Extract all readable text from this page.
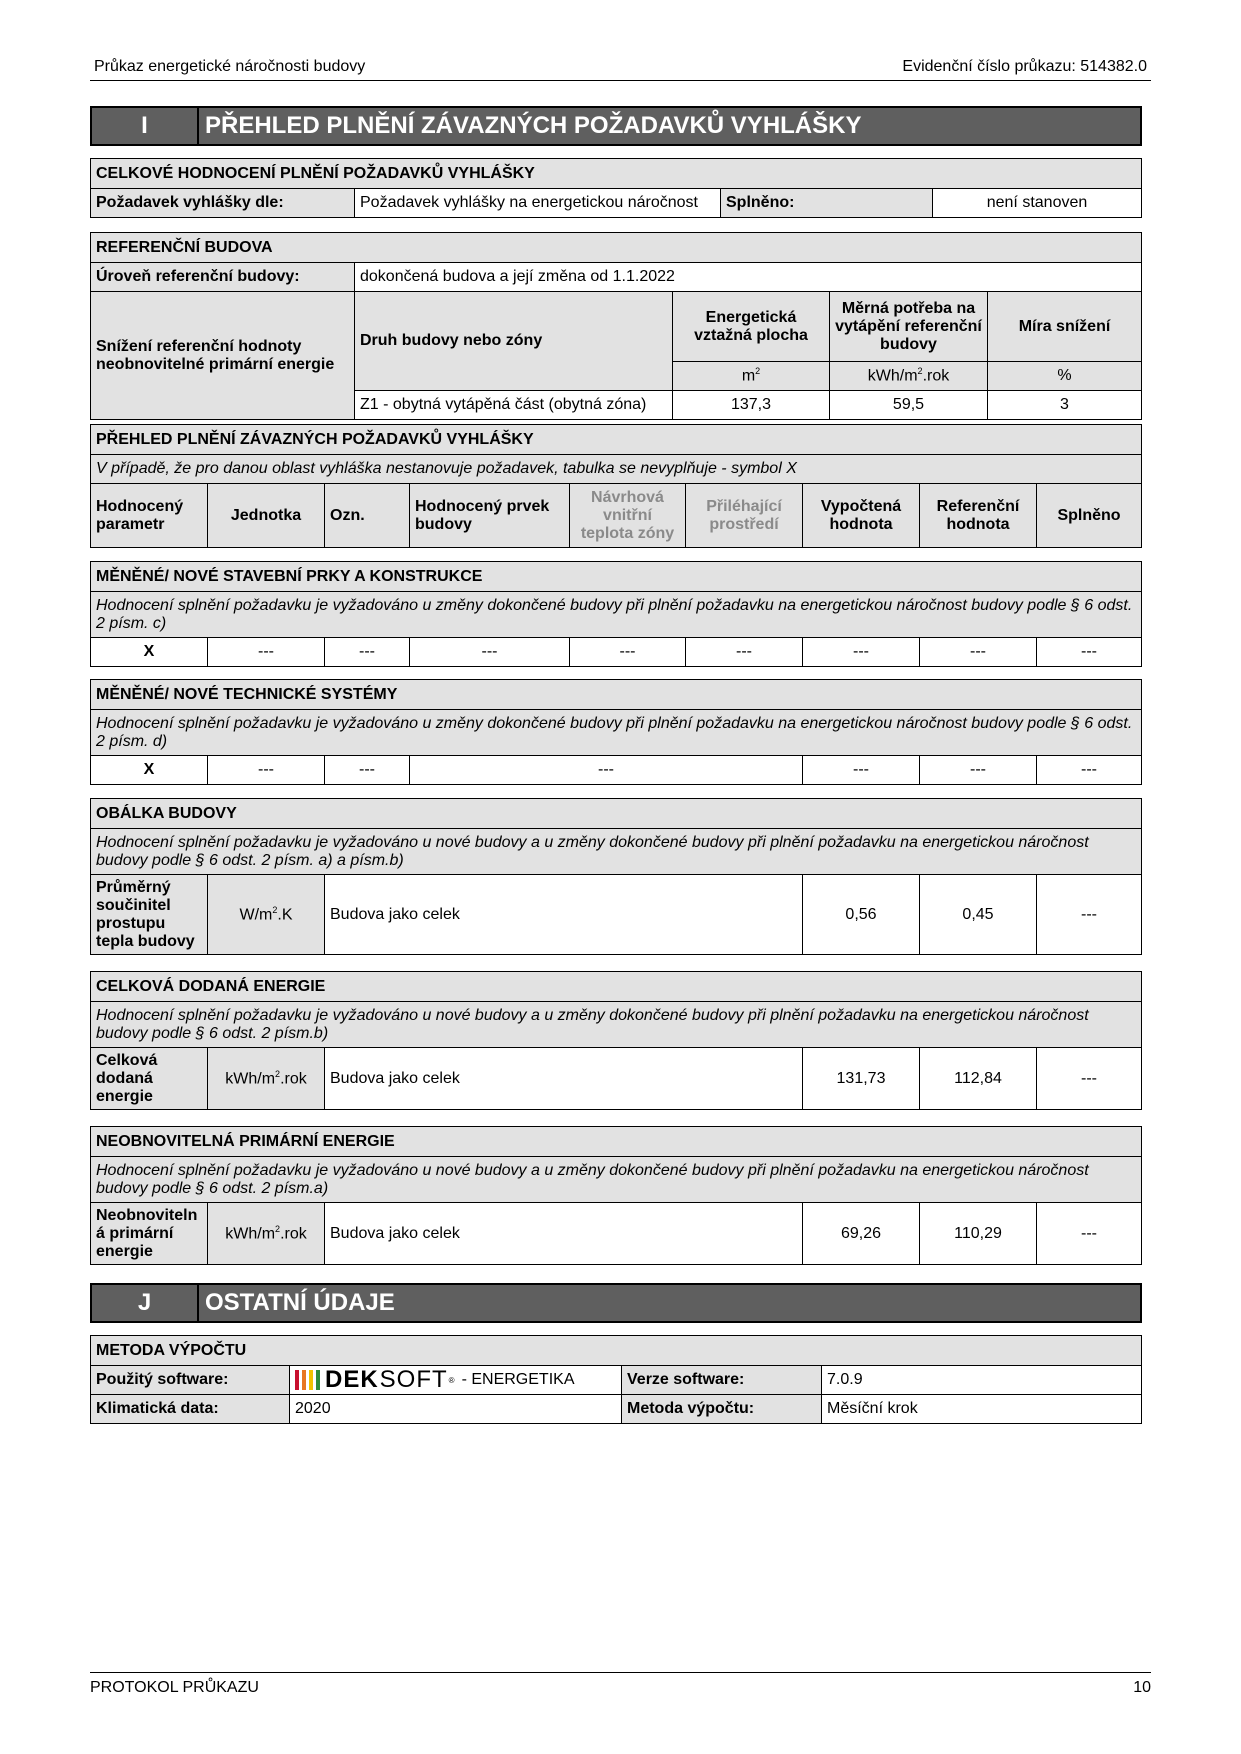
Průkaz energetické náročnosti budovy	Evidenční číslo průkazu: 514382.0
I	PŘEHLED PLNĚNÍ ZÁVAZNÝCH POŽADAVKŮ VYHLÁŠKY
CELKOVÉ HODNOCENÍ PLNĚNÍ POŽADAVKŮ VYHLÁŠKY
Požadavek vyhlášky dle:	Požadavek vyhlášky na energetickou náročnost	Splněno:	není stanoven
REFERENČNÍ BUDOVA				
Úroveň referenční budovy:	dokončená budova a její změna od 1.1.2022			
Snížení referenční hodnoty neobnovitelné primární energie	Druh budovy nebo zóny	Energetická vztažná plocha	Měrná potřeba na vytápění referenční budovy	Míra snížení
		$m^2$	kWh/$m^2.rok$	%
	Z1 - obytná vytápěná část (obytná zóna)	137,3	59,5	3
PŘEHLED PLNĚNÍ ZÁVAZNÝCH POŽADAVKŮ VYHLÁŠKY
V případě, že pro danou oblast vyhláška nestanovuje požadavek, tabulka se nevyplňuje - symbol X
Hodnocený parametr	Jednotka	Ozn.	Hodnocený prvek budovy	Návrhová vnitřní teplota zóny	Přiléhající prostředí	Vypočtená hodnota	Referenční hodnota	Splněno
MĚNĚNÉ/ NOVÉ STAVEBNÍ PRKY A KONSTRUKCE
Hodnocení splnění požadavku je vyžadováno u změny dokončené budovy při plnění požadavku na energetickou náročnost budovy podle § 6 odst. 2 písm. c)
X	---	---	---	---	---	---	---	---
MĚNĚNÉ/ NOVÉ TECHNICKÉ SYSTÉMY
Hodnocení splnění požadavku je vyžadováno u změny dokončené budovy při plnění požadavku na energetickou náročnost budovy podle § 6 odst. 2 písm. d)
X	---	---	---	---	---	---
OBÁLKA BUDOVY
Hodnocení splnění požadavku je vyžadováno u nové budovy a u změny dokončené budovy při plnění požadavku na energetickou náročnost budovy podle § 6 odst. 2 písm. a) a písm.b)
Průměrný součinitel prostupu tepla budovy	$W/m^2.K$	Budova jako celek	0,56	0,45	---
CELKOVÁ DODANÁ ENERGIE
Hodnocení splnění požadavku je vyžadováno u nové budovy a u změny dokončené budovy při plnění požadavku na energetickou náročnost budovy podle § 6 odst. 2 písm.b)
Celková dodaná energie	kWh/$m^2.rok$	Budova jako celek	131,73	112,84	---
NEOBNOVITELNÁ PRIMÁRNÍ ENERGIE
Hodnocení splnění požadavku je vyžadováno u nové budovy a u změny dokončené budovy při plnění požadavku na energetickou náročnost budovy podle § 6 odst. 2 písm.a)
Neobnoviteln á primární energie	kWh/$m^2.rok$	Budova jako celek	69,26	110,29	---
J	OSTATNÍ ÚDAJE
METODA VÝPOČTU			
Použitý software:	DEK SOFT ® - ENERGETIKA	Verze software:	7.0.9
Klimatická data:	2020	Metoda výpočtu:	Měsíční krok
PROTOKOL PRŮKAZU	10
